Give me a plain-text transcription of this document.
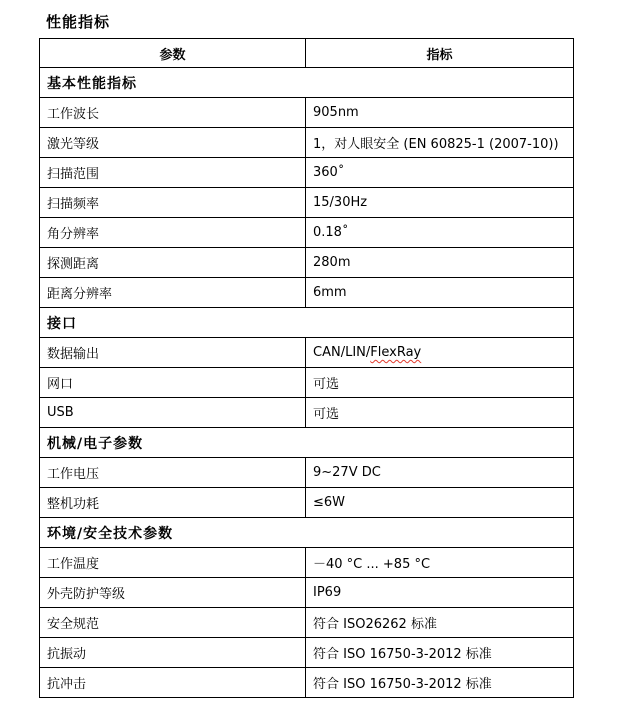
性能指标
参数	指标
基本性能指标	
工作波长	905nm
激光等级	1，对人眼安全 (EN 60825-1 (2007-10))
扫描范围	360˚
扫描频率	15/30Hz
角分辨率	0.18˚
探测距离	280m
距离分辨率	6mm
接口	
数据输出	CAN/LIN/FlexRay
网口	可选
USB	可选
机械/电子参数	
工作电压	9~27V DC
整机功耗	≤6W
环境/安全技术参数	
工作温度	－40 °C ... +85 °C
外壳防护等级	IP69
安全规范	符合 ISO26262 标准
抗振动	符合 ISO 16750-3-2012 标准
抗冲击	符合 ISO 16750-3-2012 标准
